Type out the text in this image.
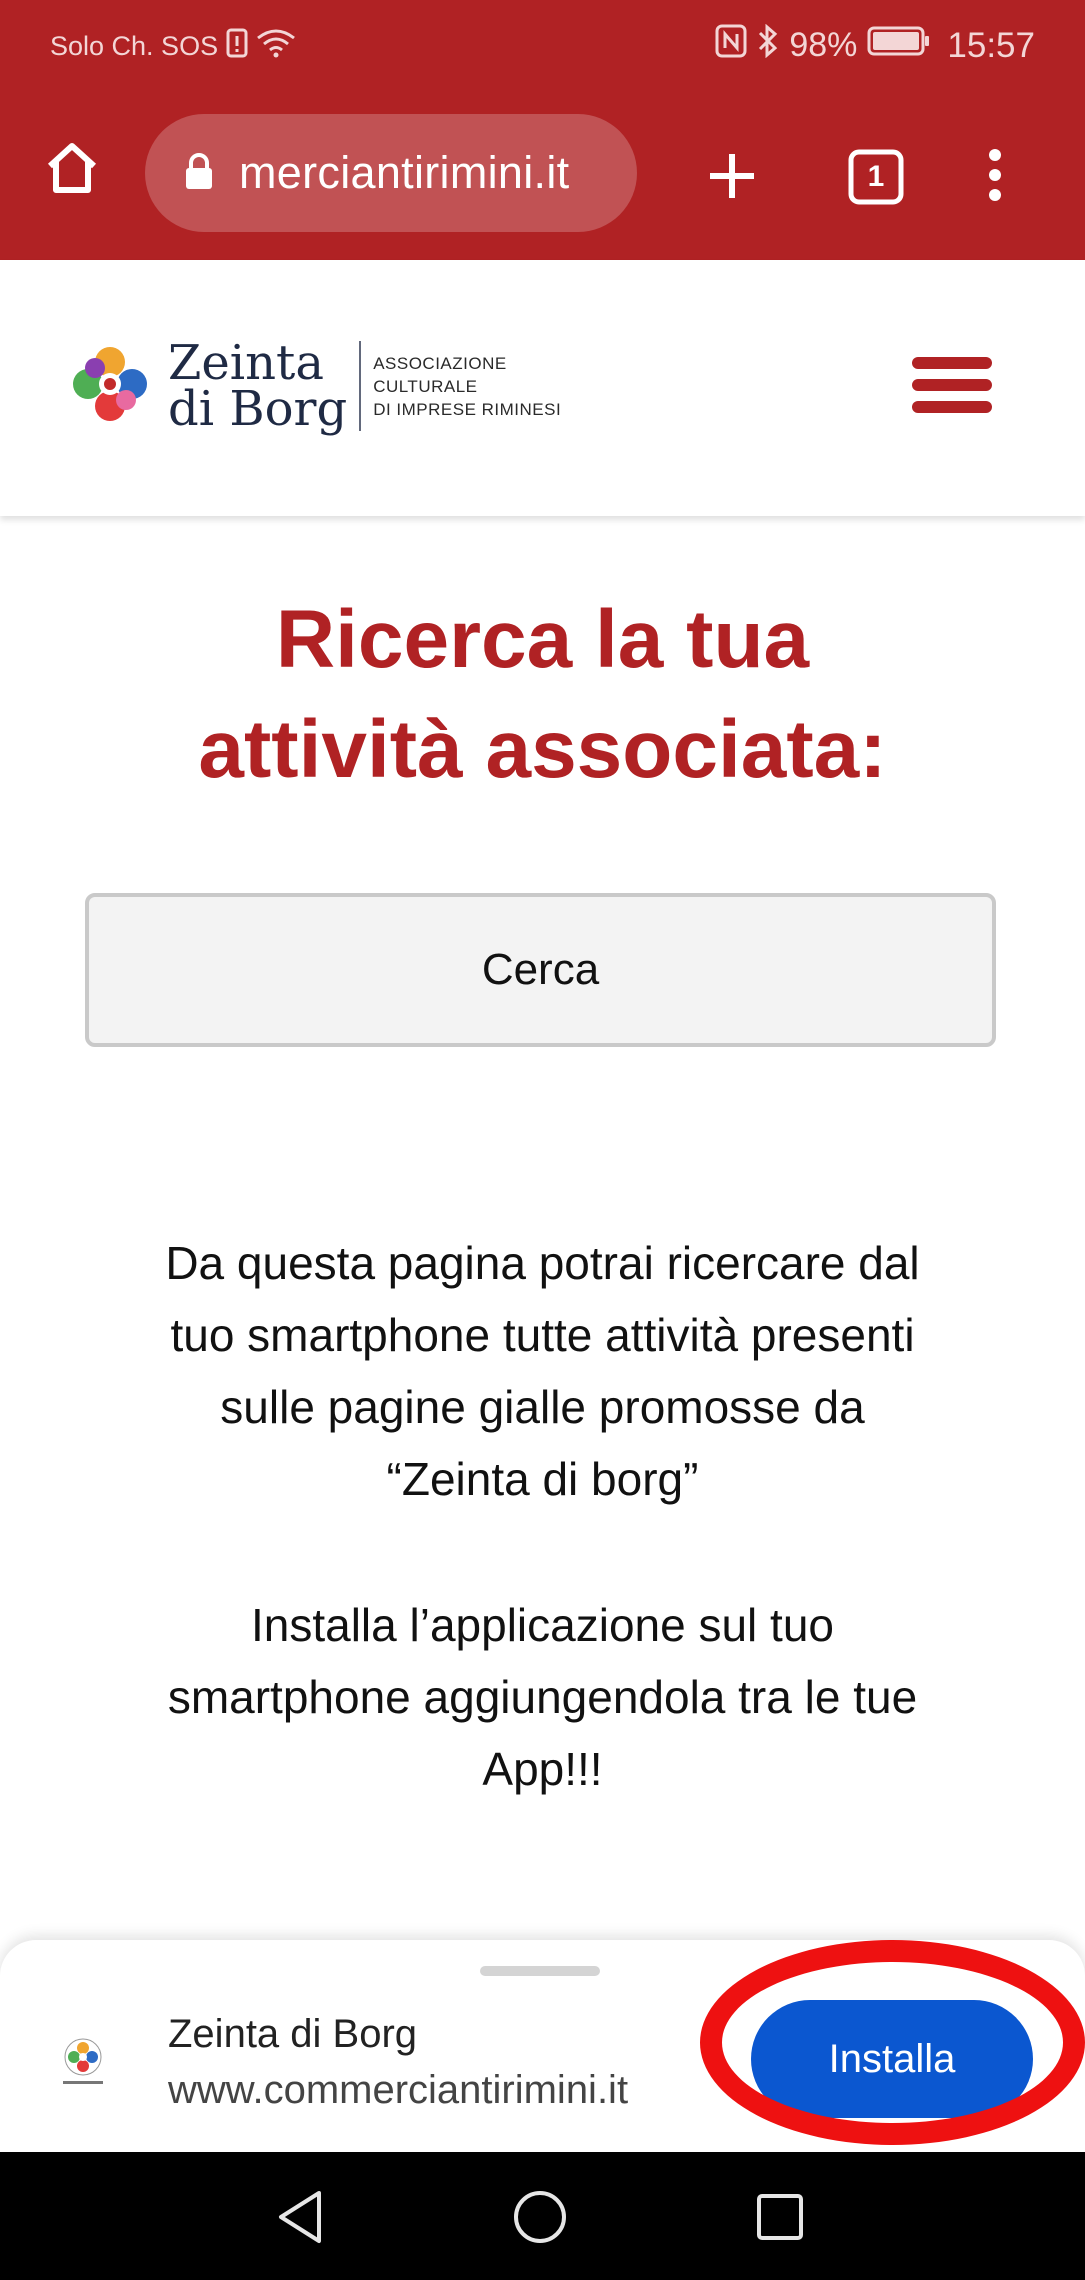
Solo Ch. SOS	98%	15:57
merciantirimini.it	1
Zeinta
di Borg
ASSOCIAZIONE
CULTURALE
DI IMPRESE RIMINESI
Ricerca la tua
attività associata:
Cerca

Da questa pagina potrai ricercare dal
tuo smartphone tutte attività presenti
sulle pagine gialle promosse da
“Zeinta di borg”

Installa l’applicazione sul tuo
smartphone aggiungendola tra le tue
App!!!

Zeinta di Borg
www.commerciantirimini.it
Installa
